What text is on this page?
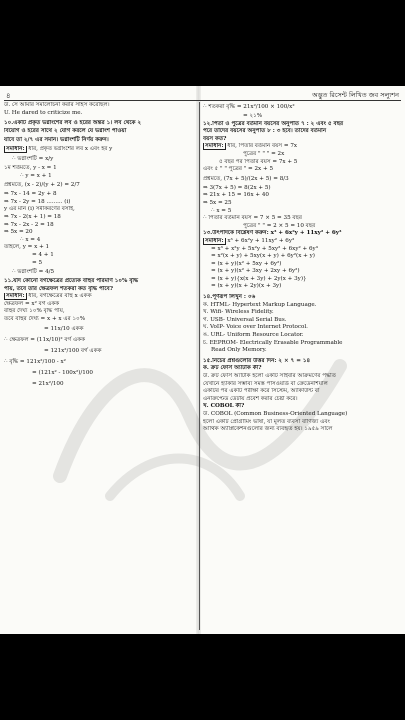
৪	অদ্ভুত রিসেন্ট লিখিত জব সল্যুশন
উ. সে আমার সমালোচনা করার সাহস করেছিল।
U. He dared to criticize me.
১০.একটি প্রকৃত ভগ্নাংশের লব ও হরের অন্তর ১। লব থেকে ২
বিয়োগ ও হরের সাথে ২ যোগ করলে যে ভগ্নাংশ পাওয়া
যাবে তা ২/৭ এর সমান। ভগ্নাংশটি নির্ণয় করুন।
সমাধান: ধরি, প্রকৃত ভগ্নাংশের লব x এবং হর y
∴ ভগ্নাংশটি = x/y
১ম শর্তমতে, y - x = 1
∴ y = x + 1
প্রশ্নমতে, (x - 2)/(y + 2) = 2/7
⇒ 7x - 14 = 2y + 8
⇒ 7x - 2y = 18 ......... (i)
y এর মান (i) সমীকরণের বসাই,
⇒ 7x - 2(x + 1) = 18
⇒ 7x - 2x - 2 = 18
⇒ 5x = 20
∴ x = 4
তাহলে, y = x + 1
= 4 + 1
= 5
∴ ভগ্নাংশটি = 4/5
১১.যদি কোনো বর্গক্ষেত্রের প্রত্যেক বাহুর পরিমাণ ১০% বৃদ্ধি
পায়, তবে তার ক্ষেত্রফল শতকরা কত বৃদ্ধি পাবে?
সমাধান: ধরি, বর্গক্ষেত্রের বাহু x একক
ক্ষেত্রফল = x² বর্গ একক
বাহুর দৈর্ঘ্য ১০% বৃদ্ধি পায়,
তবে বাহুর দৈর্ঘ্য = x + x এর ১০%
= 11x/10 একক
∴ ক্ষেত্রফল = (11x/10)² বর্গ একক
= 121x²/100 বর্গ একক
∴ বৃদ্ধি = 121x²/100 - x²
= (121x² - 100x²)/100
= 21x²/100
∴ শতকরা বৃদ্ধি = 21x²/100 × 100/x²
= ২১%
১২.পিতা ও পুত্রের বর্তমান বয়সের অনুপাত ৭ : ২ এবং ৫ বছর
পরে তাদের বয়সের অনুপাত ৮ : ৩ হবে। তাদের বর্তমান
বয়স কত?
সমাধান: ধরি, পিতার বর্তমান বয়স = 7x
পুত্রের " " " = 2x
৫ বছর পর পিতার বয়স = 7x + 5
এবং ৫ " " পুত্রের " = 2x + 5
প্রশ্নমতে, (7x + 5)/(2x + 5) = 8/3
⇒ 3(7x + 5) = 8(2x + 5)
⇒ 21x + 15 = 16x + 40
⇒ 5x = 25
∴ x = 5
∴ পিতার বর্তমান বয়স = 7 × 5 = 35 বছর
পুত্রের " " = 2 × 5 = 10 বছর
১৩.উৎপাদকে বিশ্লেষণ করুন: x³ + 6x²y + 11xy² + 6y³
সমাধান: x³ + 6x²y + 11xy² + 6y³
= x³ + x²y + 5x²y + 5xy² + 6xy² + 6y³
= x²(x + y) + 5xy(x + y) + 6y²(x + y)
= (x + y)(x² + 5xy + 6y²)
= (x + y)(x² + 3xy + 2xy + 6y²)
= (x + y){x(x + 3y) + 2y(x + 3y)}
= (x + y)(x + 2y)(x + 3y)
১৪.পূর্ণরূপ লিখুন : ০৬
ক. HTML- Hypertext Markup Language.
খ. Wifi- Wireless Fidelity.
গ. USB- Universal Serial Bus.
ঘ. VoIP- Voice over Internet Protocol.
ঙ. URL- Uniform Resource Locator.
চ. EEPROM- Electrically Erasable Programmable
Read Only Memory.
১৫.নিচের প্রশ্নগুলোর উত্তর দিন: ২ × ৭ = ১৪
ক. ক্রট ফোর্স অ্যাটাক কী?
উ. ক্রট ফোর্স অ্যাটাক হলো একটি সাইবার আক্রমণের পদ্ধতি
যেখানে হ্যাকার সম্ভাব্য সমস্ত পাসওয়ার্ড বা ক্রেডেনশিয়াল
একটির পর একটি পরীক্ষা করে সিস্টেম, অ্যাকাউন্ট বা
এনক্রিপ্টেড ডেটায় প্রবেশ করার চেষ্টা করে।
খ. COBOL কী?
উ. COBOL (Common Business-Oriented Language)
হলো একটি প্রোগ্রামিং ভাষা, যা মূলত ব্যবসা বাণিজ্য এবং
আর্থিক অ্যাপ্লিকেশনগুলোর জন্য ব্যবহৃত হয়। ১৯৫৯ সালে
